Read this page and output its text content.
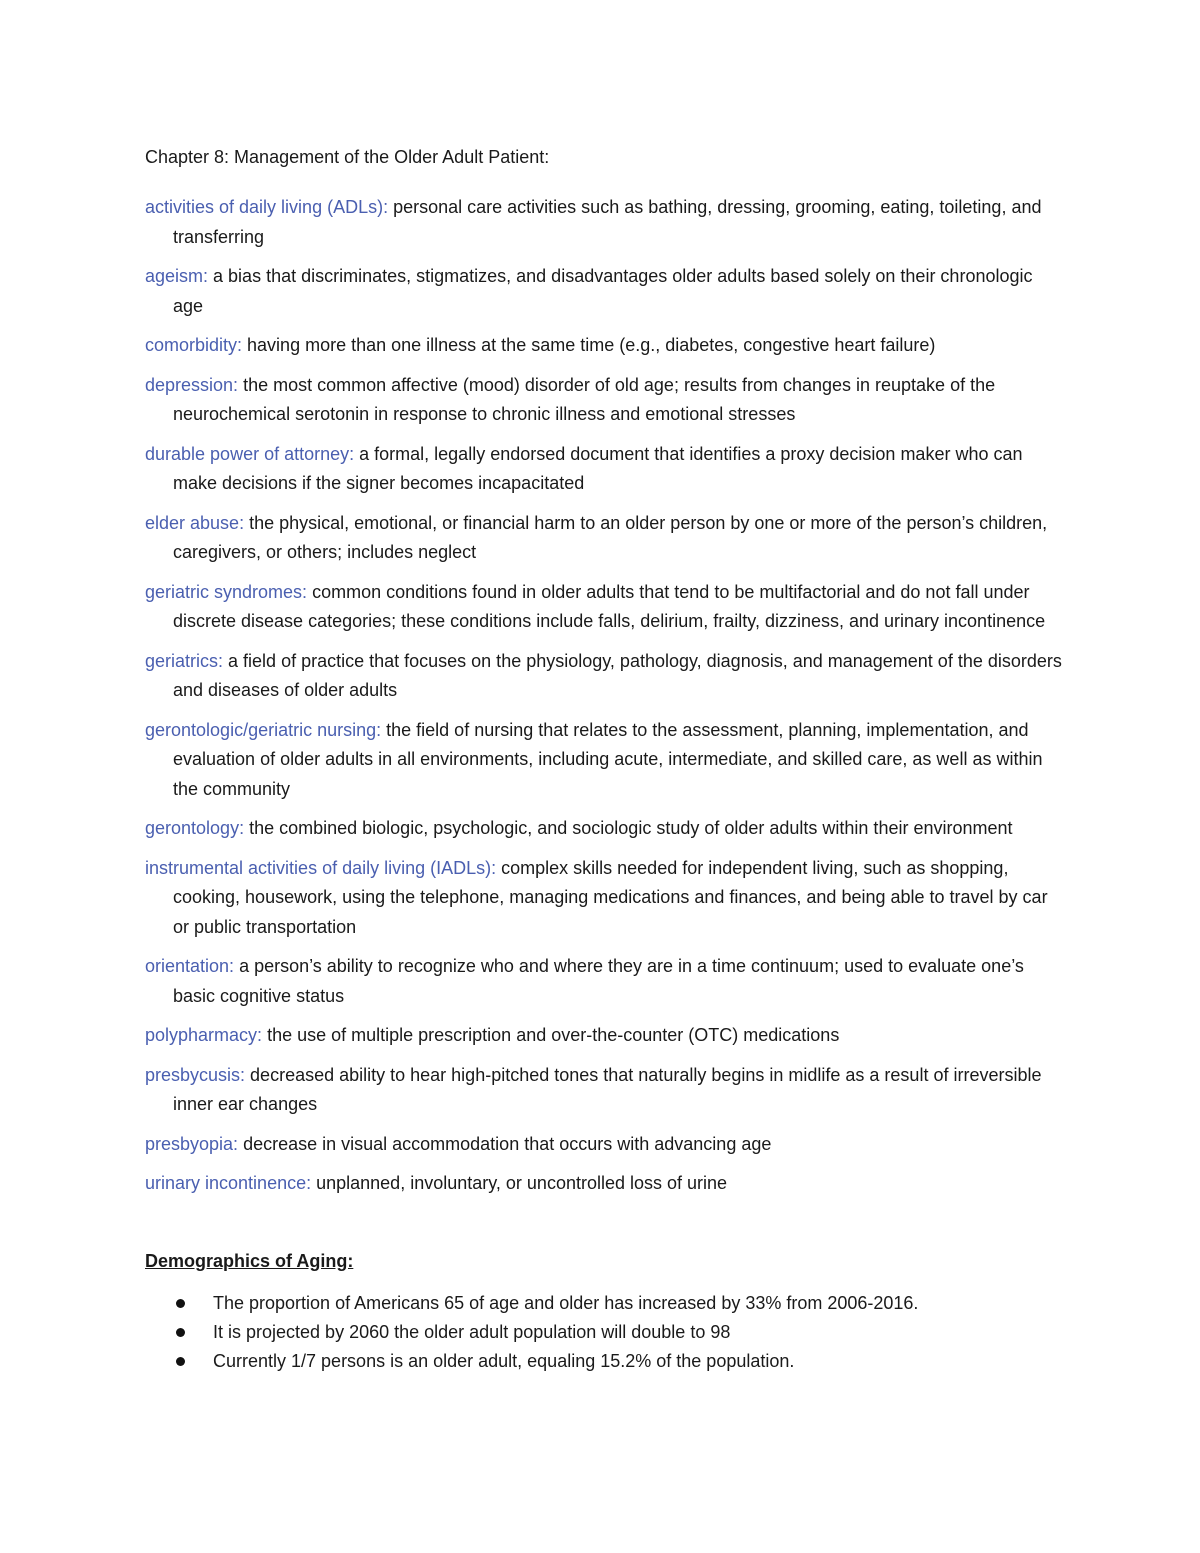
Chapter 8: Management of the Older Adult Patient:

activities of daily living (ADLs): personal care activities such as bathing, dressing, grooming, eating, toileting, and transferring

ageism: a bias that discriminates, stigmatizes, and disadvantages older adults based solely on their chronologic age

comorbidity: having more than one illness at the same time (e.g., diabetes, congestive heart failure)

depression: the most common affective (mood) disorder of old age; results from changes in reuptake of the neurochemical serotonin in response to chronic illness and emotional stresses

durable power of attorney: a formal, legally endorsed document that identifies a proxy decision maker who can make decisions if the signer becomes incapacitated

elder abuse: the physical, emotional, or financial harm to an older person by one or more of the person’s children, caregivers, or others; includes neglect

geriatric syndromes: common conditions found in older adults that tend to be multifactorial and do not fall under discrete disease categories; these conditions include falls, delirium, frailty, dizziness, and urinary incontinence

geriatrics: a field of practice that focuses on the physiology, pathology, diagnosis, and management of the disorders and diseases of older adults

gerontologic/geriatric nursing: the field of nursing that relates to the assessment, planning, implementation, and evaluation of older adults in all environments, including acute, intermediate, and skilled care, as well as within the community

gerontology: the combined biologic, psychologic, and sociologic study of older adults within their environment

instrumental activities of daily living (IADLs): complex skills needed for independent living, such as shopping, cooking, housework, using the telephone, managing medications and finances, and being able to travel by car or public transportation

orientation: a person’s ability to recognize who and where they are in a time continuum; used to evaluate one’s basic cognitive status

polypharmacy: the use of multiple prescription and over-the-counter (OTC) medications

presbycusis: decreased ability to hear high-pitched tones that naturally begins in midlife as a result of irreversible inner ear changes

presbyopia: decrease in visual accommodation that occurs with advancing age

urinary incontinence: unplanned, involuntary, or uncontrolled loss of urine

Demographics of Aging:

The proportion of Americans 65 of age and older has increased by 33% from 2006-2016.
It is projected by 2060 the older adult population will double to 98
Currently 1/7 persons is an older adult, equaling 15.2% of the population.
